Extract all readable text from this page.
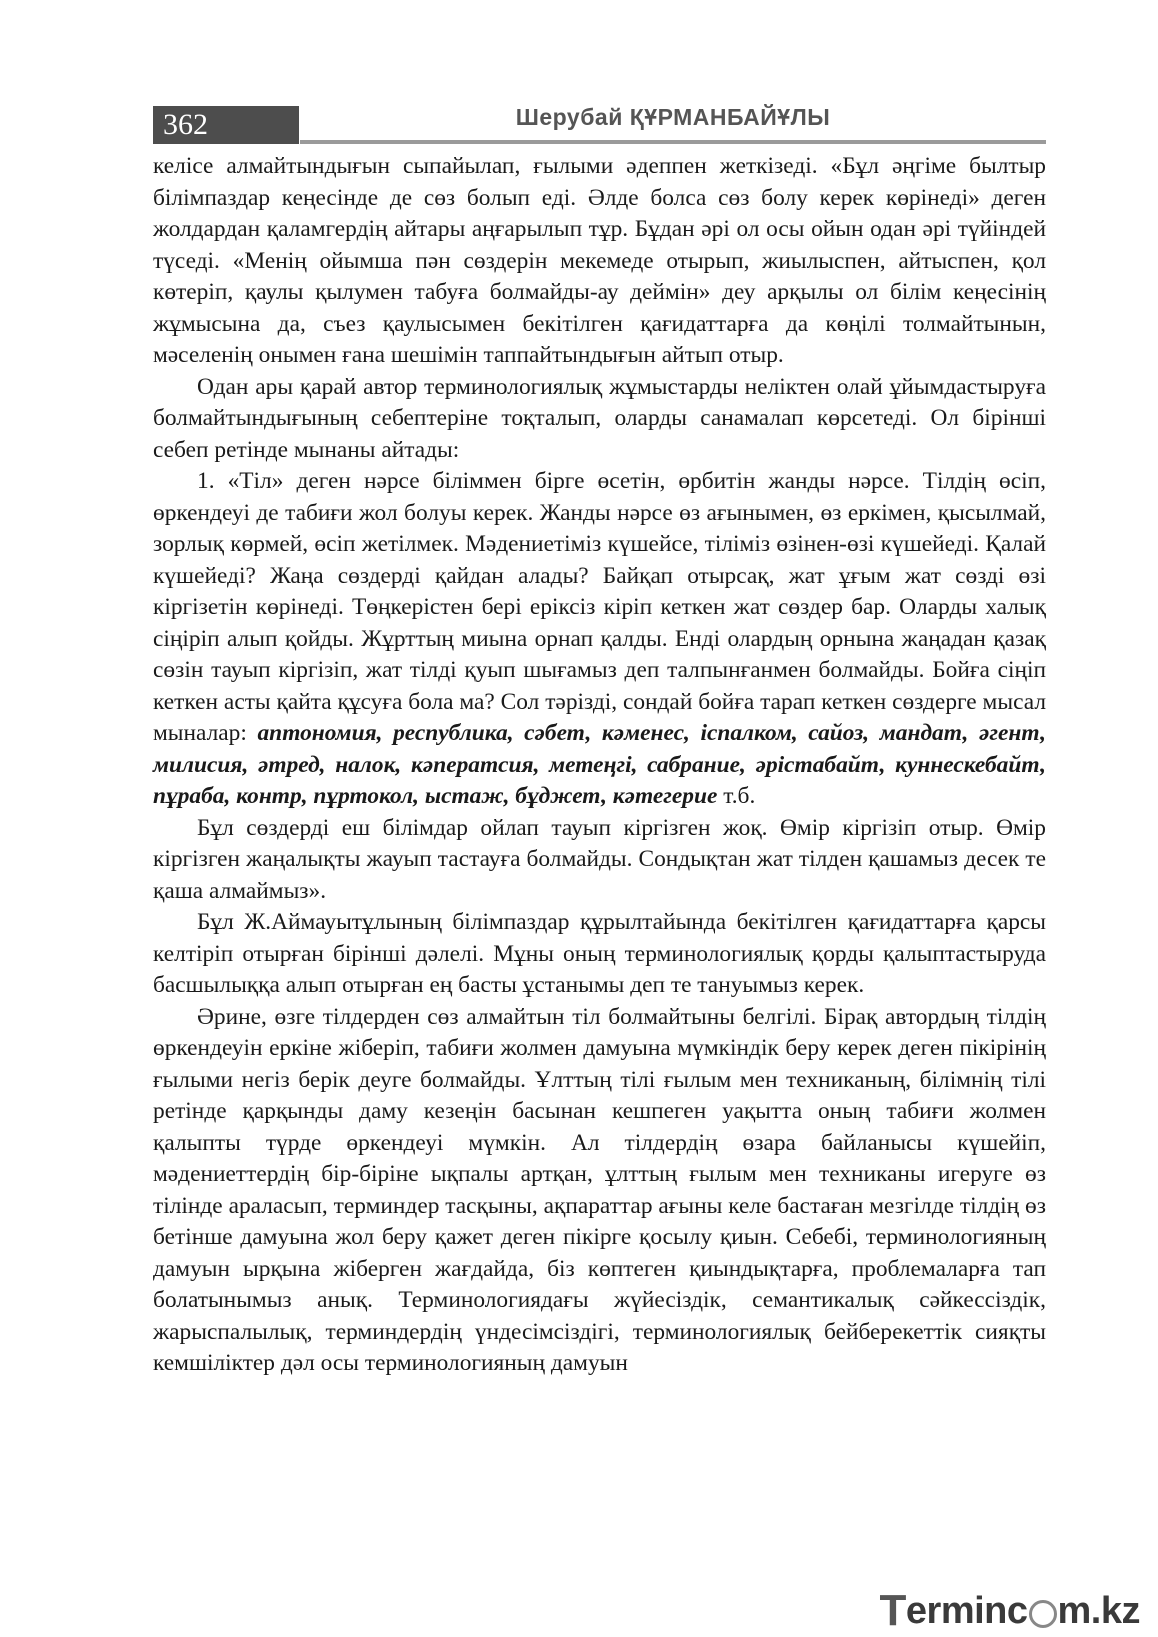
362	Шерубай ҚҰРМАНБАЙҰЛЫ

келісе алмайтындығын сыпайылап, ғылыми әдеппен жеткізеді. «Бұл әңгіме былтыр білімпаздар кеңесінде де сөз болып еді. Әлде болса сөз болу керек көрінеді» деген жолдардан қаламгердің айтары аңғарылып тұр. Бұдан әрі ол осы ойын одан әрі түйіндей түседі. «Менің ойымша пән сөздерін мекемеде отырып, жиылыспен, айтыспен, қол көтеріп, қаулы қылумен табуға болмайды-ау деймін» деу арқылы ол білім кеңесінің жұмысына да, съез қаулысымен бекітілген қағидаттарға да көңілі толмайтынын, мәселенің онымен ғана шешімін таппайтындығын айтып отыр.

Одан ары қарай автор терминологиялық жұмыстарды неліктен олай ұйымдастыруға болмайтындығының себептеріне тоқталып, оларды санамалап көрсетеді. Ол бірінші себеп ретінде мынаны айтады:

1. «Тіл» деген нәрсе біліммен бірге өсетін, өрбитін жанды нәрсе. Тілдің өсіп, өркендеуі де табиғи жол болуы керек. Жанды нәрсе өз ағынымен, өз еркімен, қысылмай, зорлық көрмей, өсіп жетілмек. Мәдениетіміз күшейсе, тіліміз өзінен-өзі күшейеді. Қалай күшейеді? Жаңа сөздерді қайдан алады? Байқап отырсақ, жат ұғым жат сөзді өзі кіргізетін көрінеді. Төңкерістен бері еріксіз кіріп кеткен жат сөздер бар. Оларды халық сіңіріп алып қойды. Жұрттың миына орнап қалды. Енді олардың орнына жаңадан қазақ сөзін тауып кіргізіп, жат тілді қуып шығамыз деп талпынғанмен болмайды. Бойға сіңіп кеткен асты қайта құсуға бола ма? Сол тәрізді, сондай бойға тарап кеткен сөздерге мысал мыналар: аптономия, республика, сәбет, кәменес, іспалком, сайоз, мандат, әгент, милисия, әтред, налок, кәператсия, метеңгі, сабрание, әрістабайт, куннескебайт, пұраба, контр, пұртокол, ыстаж, бұджет, кәтегерие т.б.

Бұл сөздерді еш білімдар ойлап тауып кіргізген жоқ. Өмір кіргізіп отыр. Өмір кіргізген жаңалықты жауып тастауға болмайды. Сондықтан жат тілден қашамыз десек те қаша алмаймыз».

Бұл Ж.Аймауытұлының білімпаздар құрылтайында бекітілген қағидаттарға қарсы келтіріп отырған бірінші дәлелі. Мұны оның терминологиялық қорды қалыптастыруда басшылыққа алып отырған ең басты ұстанымы деп те тануымыз керек.

Әрине, өзге тілдерден сөз алмайтын тіл болмайтыны белгілі. Бірақ автордың тілдің өркендеуін еркіне жіберіп, табиғи жолмен дамуына мүмкіндік беру керек деген пікірінің ғылыми негіз берік деуге болмайды. Ұлттың тілі ғылым мен техниканың, білімнің тілі ретінде қарқынды даму кезеңін басынан кешпеген уақытта оның табиғи жолмен қалыпты түрде өркендеуі мүмкін. Ал тілдердің өзара байланысы күшейіп, мәдениеттердің бір-біріне ықпалы артқан, ұлттың ғылым мен техниканы игеруге өз тілінде араласып, терминдер тасқыны, ақпараттар ағыны келе бастаған мезгілде тілдің өз бетінше дамуына жол беру қажет деген пікірге қосылу қиын. Себебі, терминологияның дамуын ырқына жіберген жағдайда, біз көптеген қиындықтарға, проблемаларға тап болатынымыз анық. Терминологиядағы жүйесіздік, семантикалық сәйкессіздік, жарыспалылық, терминдердің үндесімсіздігі, терминологиялық бейберекеттік сияқты кемшіліктер дәл осы терминологияның дамуын

T erminc m.kz
